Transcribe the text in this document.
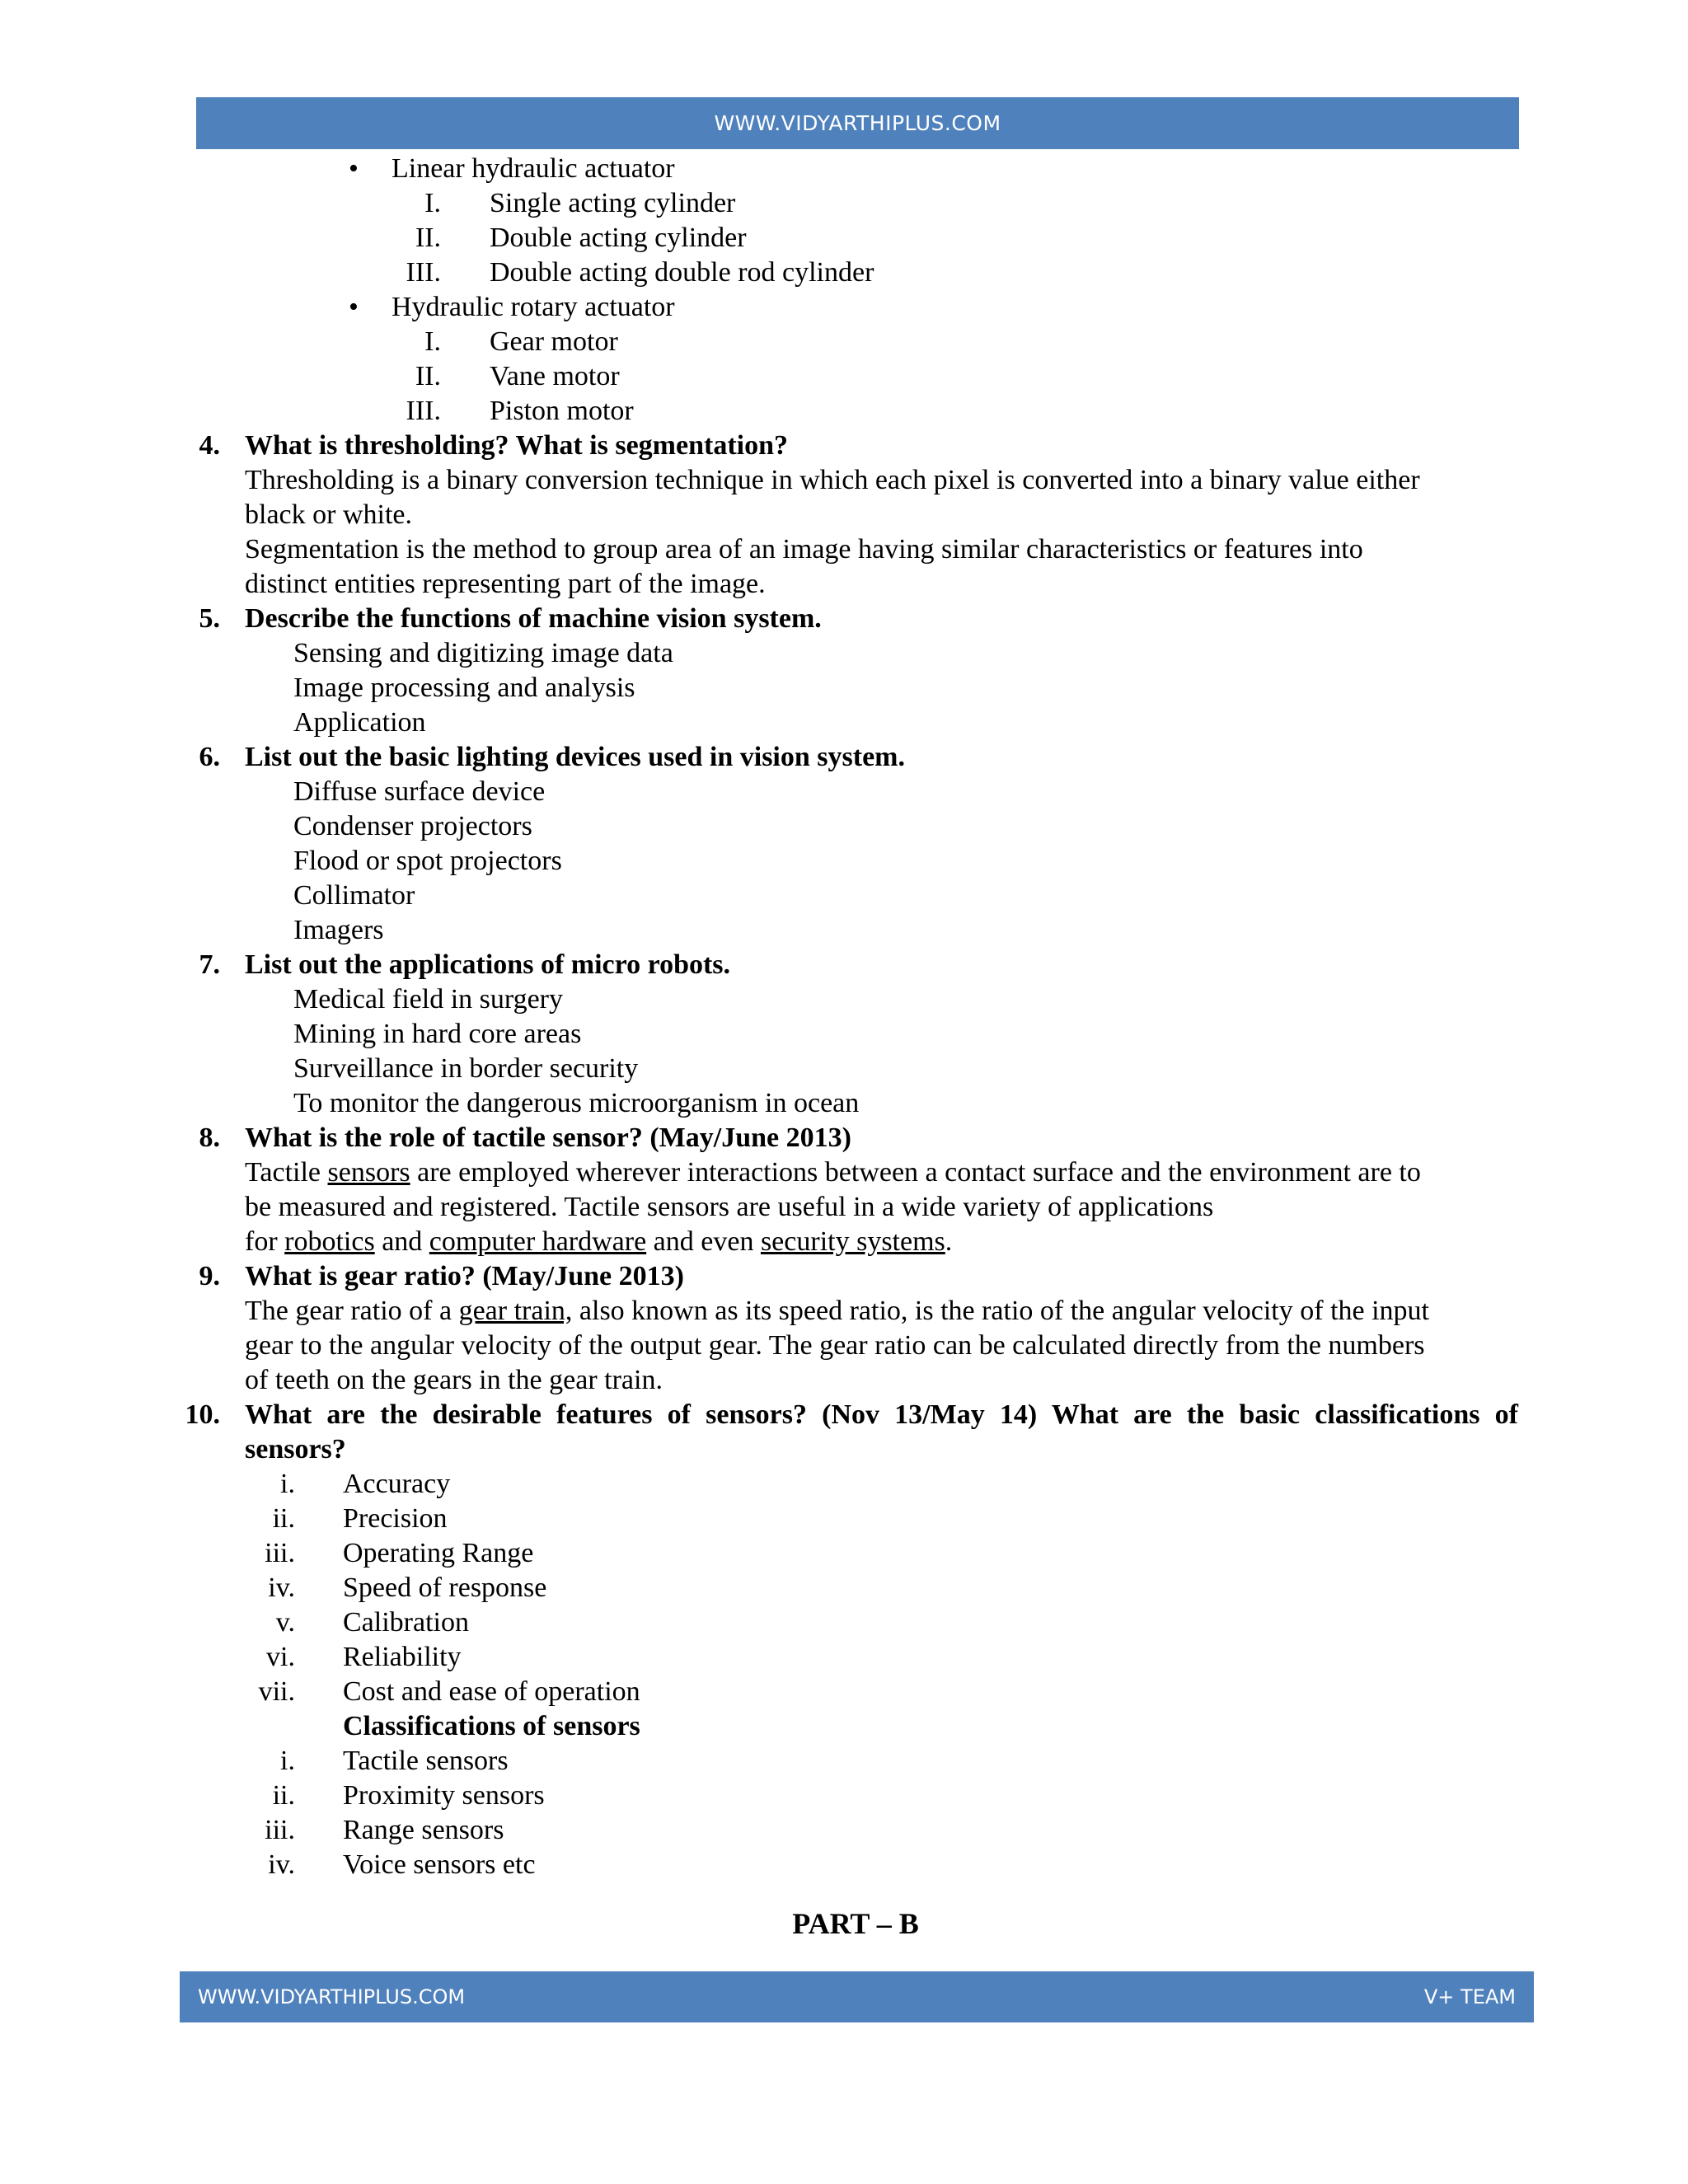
WWW.VIDYARTHIPLUS.COM
• Linear hydraulic actuator
I. Single acting cylinder
II. Double acting cylinder
III. Double acting double rod cylinder
• Hydraulic rotary actuator
I. Gear motor
II. Vane motor
III. Piston motor
4. What is thresholding? What is segmentation?
Thresholding is a binary conversion technique in which each pixel is converted into a binary value either
black or white.
Segmentation is the method to group area of an image having similar characteristics or features into
distinct entities representing part of the image.
5. Describe the functions of machine vision system.
Sensing and digitizing image data
Image processing and analysis
Application
6. List out the basic lighting devices used in vision system.
Diffuse surface device
Condenser projectors
Flood or spot projectors
Collimator
Imagers
7. List out the applications of micro robots.
Medical field in surgery
Mining in hard core areas
Surveillance in border security
To monitor the dangerous microorganism in ocean
8. What is the role of tactile sensor? (May/June 2013)
Tactile sensors are employed wherever interactions between a contact surface and the environment are to
be measured and registered. Tactile sensors are useful in a wide variety of applications
for robotics and computer hardware and even security systems.
9. What is gear ratio? (May/June 2013)
The gear ratio of a gear train, also known as its speed ratio, is the ratio of the angular velocity of the input
gear to the angular velocity of the output gear. The gear ratio can be calculated directly from the numbers
of teeth on the gears in the gear train.
10. What are the desirable features of sensors? (Nov 13/May 14) What are the basic classifications of
sensors?
i. Accuracy
ii. Precision
iii. Operating Range
iv. Speed of response
v. Calibration
vi. Reliability
vii. Cost and ease of operation
Classifications of sensors
i. Tactile sensors
ii. Proximity sensors
iii. Range sensors
iv. Voice sensors etc
PART – B
WWW.VIDYARTHIPLUS.COM	V+ TEAM
